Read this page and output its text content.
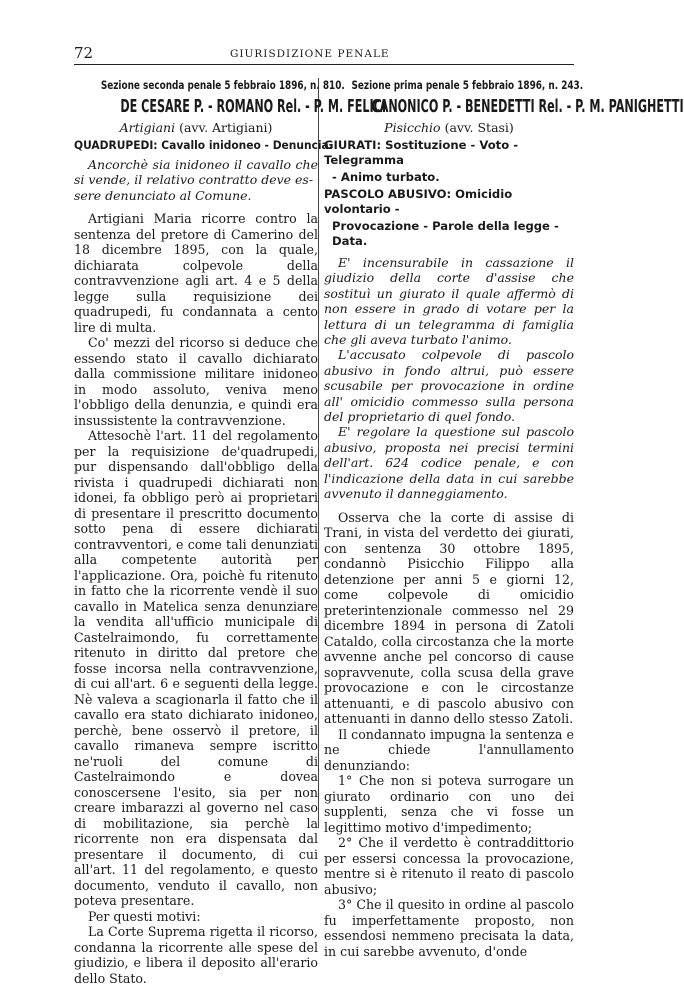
72	GIURISDIZIONE PENALE
Sezione seconda penale 5 febbraio 1896, n. 810.
DE CESARE P. - ROMANO Rel. - P. M. FELICI
Artigiani (avv. Artigiani)
QUADRUPEDI: Cavallo inidoneo - Denuncia.
Ancorchè sia inidoneo il cavallo che si vende, il relativo contratto deve es-
sere denunciato al Comune.
Artigiani Maria ricorre contro la sentenza del pretore di Camerino del 18 dicembre 1895, con la quale, dichiarata colpevole della contravvenzione agli art. 4 e 5 della legge sulla requisizione dei quadrupedi, fu condannata a cento lire di multa.
Co' mezzi del ricorso si deduce che essendo stato il cavallo dichiarato dalla commissione militare inidoneo in modo assoluto, veniva meno l'obbligo della denunzia, e quindi era insussistente la contravvenzione.
Attesochè l'art. 11 del regolamento per la requisizione de'quadrupedi, pur dispensando dall'obbligo della rivista i quadrupedi dichiarati non idonei, fa obbligo però ai proprietari di presentare il prescritto documento sotto pena di essere dichiarati contravventori, e come tali denunziati alla competente autorità per l'applicazione. Ora, poichè fu ritenuto in fatto che la ricorrente vendè il suo cavallo in Matelica senza denunziare la vendita all'ufficio municipale di Castelraimondo, fu correttamente ritenuto in diritto dal pretore che fosse incorsa nella contravvenzione, di cui all'art. 6 e seguenti della legge. Nè valeva a scagionarla il fatto che il cavallo era stato dichiarato inidoneo, perchè, bene osservò il pretore, il cavallo rimaneva sempre iscritto ne'ruoli del comune di Castelraimondo e dovea conoscersene l'esito, sia per non creare imbarazzi al governo nel caso di mobilitazione, sia perchè la ricorrente non era dispensata dal presentare il documento, di cui all'art. 11 del regolamento, e questo documento, venduto il cavallo, non poteva presentare.
Per questi motivi:
La Corte Suprema rigetta il ricorso, condanna la ricorrente alle spese del giudizio, e libera il deposito all'erario dello Stato.
Sezione prima penale 5 febbraio 1896, n. 243.
CANONICO P. - BENEDETTI Rel. - P. M. PANIGHETTI
Pisicchio (avv. Stasi)
GIURATI: Sostituzione - Voto - Telegramma
- Animo turbato.
PASCOLO ABUSIVO: Omicidio volontario -
Provocazione - Parole della legge - Data.
E' incensurabile in cassazione il giudizio della corte d'assise che sostituì un giurato il quale affermò di non essere in grado di votare per la lettura di un telegramma di famiglia che gli aveva turbato l'animo.
L'accusato colpevole di pascolo abusivo in fondo altrui, può essere scusabile per provocazione in ordine all' omicidio commesso sulla persona del proprietario di quel fondo.
E' regolare la questione sul pascolo abusivo, proposta nei precisi termini dell'art. 624 codice penale, e con l'indicazione della data in cui sarebbe avvenuto il danneggiamento.
Osserva che la corte di assise di Trani, in vista del verdetto dei giurati, con sentenza 30 ottobre 1895, condannò Pisicchio Filippo alla detenzione per anni 5 e giorni 12, come colpevole di omicidio preterintenzionale commesso nel 29 dicembre 1894 in persona di Zatoli Cataldo, colla circostanza che la morte avvenne anche pel concorso di cause sopravvenute, colla scusa della grave provocazione e con le circostanze attenuanti, e di pascolo abusivo con attenuanti in danno dello stesso Zatoli.
Il condannato impugna la sentenza e ne chiede l'annullamento denunziando:
1° Che non si poteva surrogare un giurato ordinario con uno dei supplenti, senza che vi fosse un legittimo motivo d'impedimento;
2° Che il verdetto è contraddittorio per essersi concessa la provocazione, mentre si è ritenuto il reato di pascolo abusivo;
3° Che il quesito in ordine al pascolo fu imperfettamente proposto, non essendosi nemmeno precisata la data, in cui sarebbe avvenuto, d'onde
